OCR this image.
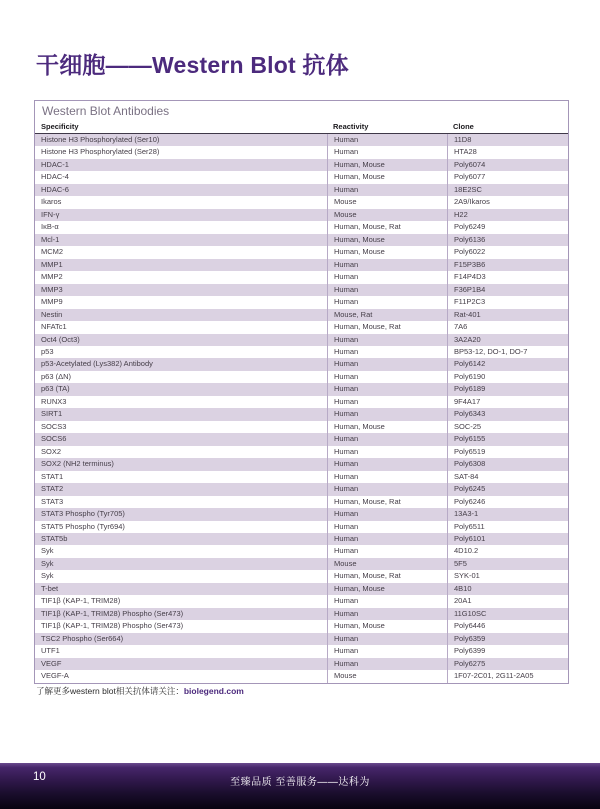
干细胞——Western Blot 抗体
Western Blot Antibodies
Specificity	Reactivity	Clone
Histone H3 Phosphorylated (Ser10)	Human	11D8
Histone H3 Phosphorylated (Ser28)	Human	HTA28
HDAC-1	Human, Mouse	Poly6074
HDAC-4	Human, Mouse	Poly6077
HDAC-6	Human	18E2SC
Ikaros	Mouse	2A9/Ikaros
IFN-γ	Mouse	H22
IκB-α	Human, Mouse, Rat	Poly6249
Mcl-1	Human, Mouse	Poly6136
MCM2	Human, Mouse	Poly6022
MMP1	Human	F15P3B6
MMP2	Human	F14P4D3
MMP3	Human	F36P1B4
MMP9	Human	F11P2C3
Nestin	Mouse, Rat	Rat-401
NFATc1	Human, Mouse, Rat	7A6
Oct4 (Oct3)	Human	3A2A20
p53	Human	BP53-12, DO-1, DO-7
p53-Acetylated (Lys382) Antibody	Human	Poly6142
p63 (ΔN)	Human	Poly6190
p63 (TA)	Human	Poly6189
RUNX3	Human	9F4A17
SIRT1	Human	Poly6343
SOCS3	Human, Mouse	SOC-25
SOCS6	Human	Poly6155
SOX2	Human	Poly6519
SOX2 (NH2 terminus)	Human	Poly6308
STAT1	Human	SAT-84
STAT2	Human	Poly6245
STAT3	Human, Mouse, Rat	Poly6246
STAT3 Phospho (Tyr705)	Human	13A3-1
STAT5 Phospho (Tyr694)	Human	Poly6511
STAT5b	Human	Poly6101
Syk	Human	4D10.2
Syk	Mouse	5F5
Syk	Human, Mouse, Rat	SYK-01
T-bet	Human, Mouse	4B10
TIF1β (KAP-1, TRIM28)	Human	20A1
TIF1β (KAP-1, TRIM28) Phospho (Ser473)	Human	11G10SC
TIF1β (KAP-1, TRIM28) Phospho (Ser473)	Human, Mouse	Poly6446
TSC2 Phospho (Ser664)	Human	Poly6359
UTF1	Human	Poly6399
VEGF	Human	Poly6275
VEGF-A	Mouse	1F07-2C01, 2G11-2A05
了解更多western blot相关抗体请关注：biolegend.com
10	至臻品质 至善服务——达科为
